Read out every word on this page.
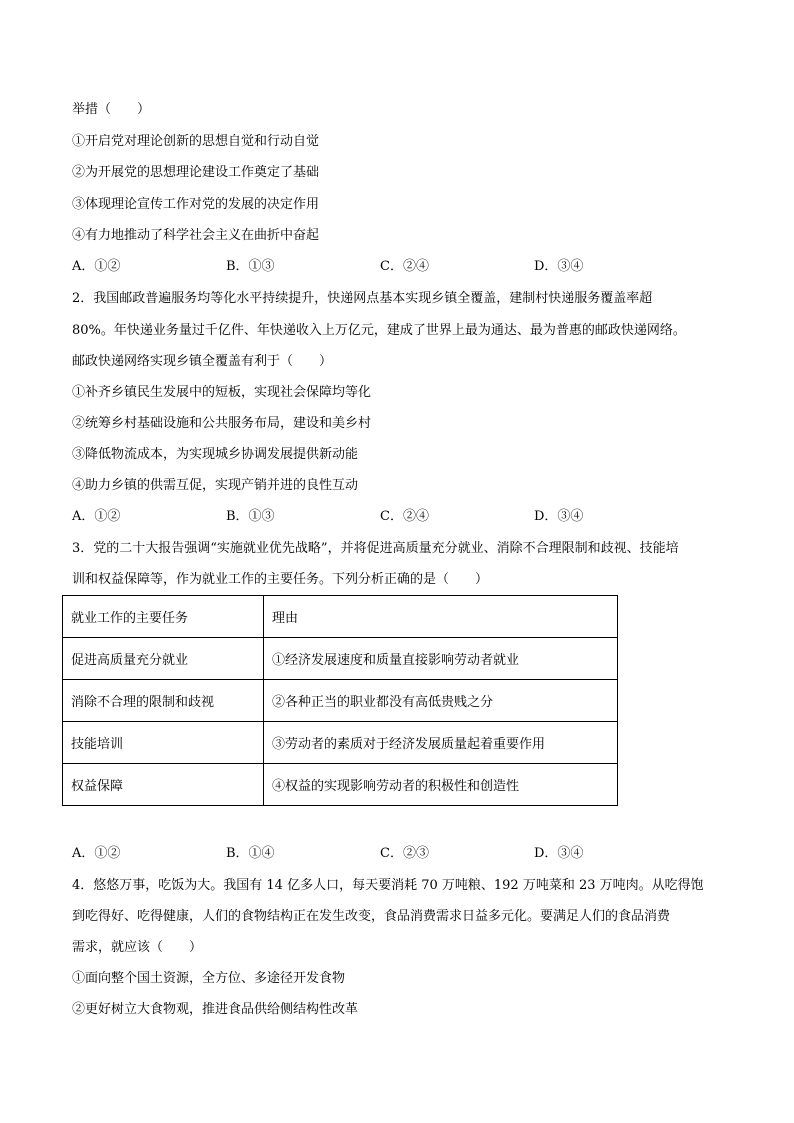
举措（　　）
①开启党对理论创新的思想自觉和行动自觉
②为开展党的思想理论建设工作奠定了基础
③体现理论宣传工作对党的发展的决定作用
④有力地推动了科学社会主义在曲折中奋起
A．①②	B．①③	C．②④	D．③④
2．我国邮政普遍服务均等化水平持续提升，快递网点基本实现乡镇全覆盖，建制村快递服务覆盖率超
80%。年快递业务量过千亿件、年快递收入上万亿元，建成了世界上最为通达、最为普惠的邮政快递网络。
邮政快递网络实现乡镇全覆盖有利于（　　）
①补齐乡镇民生发展中的短板，实现社会保障均等化
②统筹乡村基础设施和公共服务布局，建设和美乡村
③降低物流成本，为实现城乡协调发展提供新动能
④助力乡镇的供需互促，实现产销并进的良性互动
A．①②	B．①③	C．②④	D．③④
3．党的二十大报告强调“实施就业优先战略”，并将促进高质量充分就业、消除不合理限制和歧视、技能培
训和权益保障等，作为就业工作的主要任务。下列分析正确的是（　　）
就业工作的主要任务	理由
促进高质量充分就业	①经济发展速度和质量直接影响劳动者就业
消除不合理的限制和歧视	②各种正当的职业都没有高低贵贱之分
技能培训	③劳动者的素质对于经济发展质量起着重要作用
权益保障	④权益的实现影响劳动者的积极性和创造性
A．①②	B．①④	C．②③	D．③④
4．悠悠万事，吃饭为大。我国有 14 亿多人口，每天要消耗 70 万吨粮、192 万吨菜和 23 万吨肉。从吃得饱
到吃得好、吃得健康，人们的食物结构正在发生改变，食品消费需求日益多元化。要满足人们的食品消费
需求，就应该（　　）
①面向整个国土资源，全方位、多途径开发食物
②更好树立大食物观，推进食品供给侧结构性改革
